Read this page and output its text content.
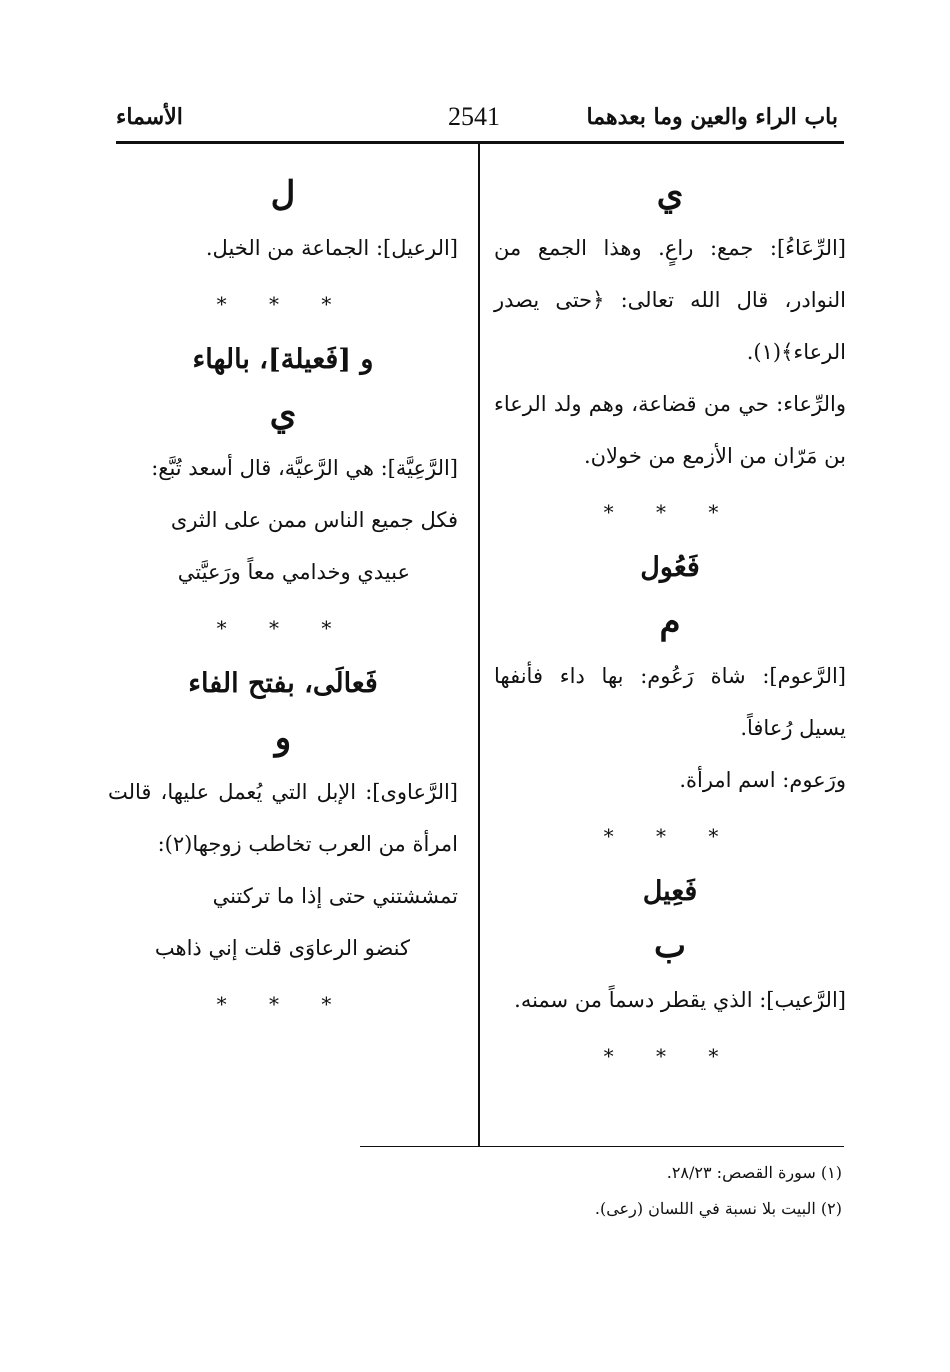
باب الراء والعين وما بعدهما
2541
الأسماء
ي
[الرِّعَاءُ]: جمع: راعٍ. وهذا الجمع من النوادر، قال الله تعالى: ﴿حتى يصدر الرعاء﴾(١).
والرِّعاء: حي من قضاعة، وهم ولد الرعاء بن مَرّان من الأزمع من خولان.
* * *
فَعُول
م
[الرَّعوم]: شاة رَعُوم: بها داء فأنفها يسيل رُعافاً.
ورَعوم: اسم امرأة.
* * *
فَعِيل
ب
[الرَّعيب]: الذي يقطر دسماً من سمنه.
* * *
ل
[الرعيل]: الجماعة من الخيل.
* * *
و [فَعيلة]، بالهاء
ي
[الرَّعِيَّة]: هي الرَّعيَّة، قال أسعد تُبَّع:
فكل جميع الناس ممن على الثرى
عبيدي وخدامي معاً ورَعيَّتي
* * *
فَعالَى، بفتح الفاء
و
[الرَّعاوى]: الإبل التي يُعمل عليها، قالت امرأة من العرب تخاطب زوجها(٢):
تمششتني حتى إذا ما تركتني
كنضو الرعاوَى قلت إني ذاهب
* * *
(١) سورة القصص: ٢٨/٢٣.
(٢) البيت بلا نسبة في اللسان (رعى).
